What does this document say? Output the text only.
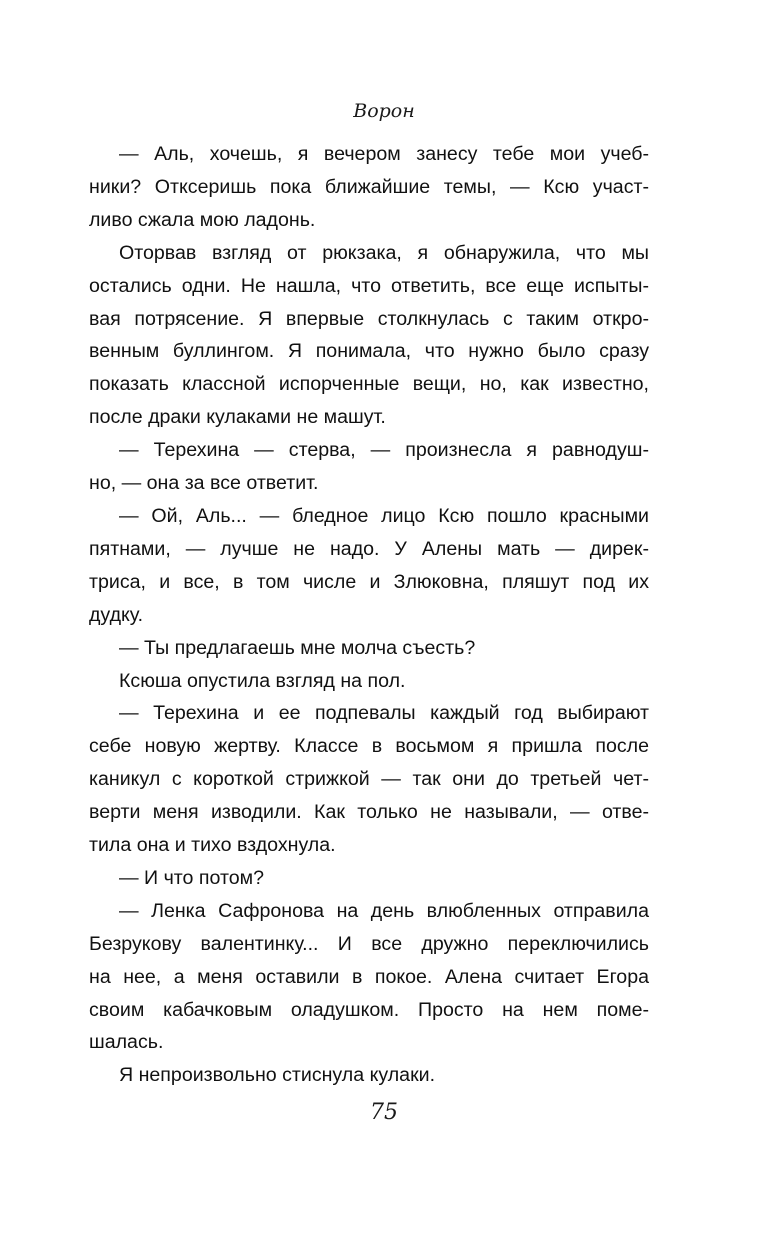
Ворон

— Аль, хочешь, я вечером занесу тебе мои учеб-
ники? Отксеришь пока ближайшие темы, — Ксю участ-
ливо сжала мою ладонь.

Оторвав взгляд от рюкзака, я обнаружила, что мы
остались одни. Не нашла, что ответить, все еще испыты-
вая потрясение. Я впервые столкнулась с таким откро-
венным буллингом. Я понимала, что нужно было сразу
показать классной испорченные вещи, но, как известно,
после драки кулаками не машут.

— Терехина — стерва, — произнесла я равнодуш-
но, — она за все ответит.

— Ой, Аль... — бледное лицо Ксю пошло красными
пятнами, — лучше не надо. У Алены мать — дирек-
триса, и все, в том числе и Злюковна, пляшут под их
дудку.

— Ты предлагаешь мне молча съесть?

Ксюша опустила взгляд на пол.

— Терехина и ее подпевалы каждый год выбирают
себе новую жертву. Классе в восьмом я пришла после
каникул с короткой стрижкой — так они до третьей чет-
верти меня изводили. Как только не называли, — отве-
тила она и тихо вздохнула.

— И что потом?

— Ленка Сафронова на день влюбленных отправила
Безрукову валентинку... И все дружно переключились
на нее, а меня оставили в покое. Алена считает Егора
своим кабачковым оладушком. Просто на нем поме-
шалась.

Я непроизвольно стиснула кулаки.

75
